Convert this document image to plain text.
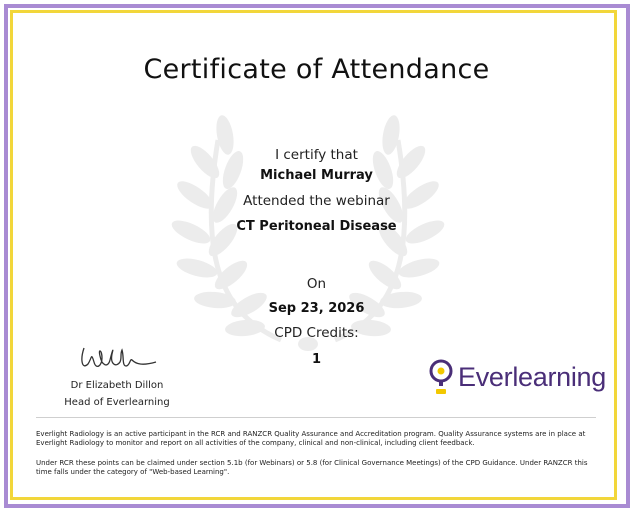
Certificate of Attendance
I certify that
Michael Murray
Attended the webinar
CT Peritoneal Disease
On
Sep 23, 2026
CPD Credits:
1
Dr Elizabeth Dillon
Head of Everlearning
Everlearning
Everlight Radiology is an active participant in the RCR and RANZCR Quality Assurance and Accreditation program. Quality Assurance systems are in place at Everlight Radiology to monitor and report on all activities of the company, clinical and non-clinical, including client feedback.
Under RCR these points can be claimed under section 5.1b (for Webinars) or 5.8 (for Clinical Governance Meetings) of the CPD Guidance. Under RANZCR this time falls under the category of "Web-based Learning".
